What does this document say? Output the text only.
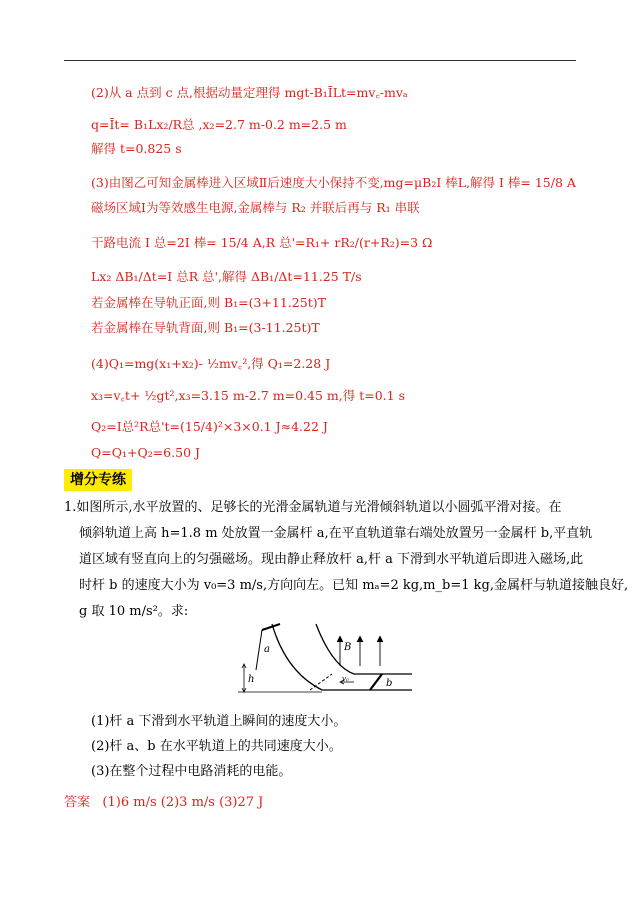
(2)从 a 点到 c 点,根据动量定理得 mgt-B₁ĪLt=mv꜀-mvₐ
q=Īt= B₁Lx₂/R总 ,x₂=2.7 m-0.2 m=2.5 m
解得 t=0.825 s
(3)由图乙可知金属棒进入区域Ⅱ后速度大小保持不变,mg=μB₂I 棒L,解得 I 棒= 15/8 A
磁场区域Ⅰ为等效感生电源,金属棒与 R₂ 并联后再与 R₁ 串联
干路电流 I 总=2I 棒= 15/4 A,R 总'=R₁+ rR₂/(r+R₂)=3 Ω
Lx₂ ΔB₁/Δt=I 总R 总',解得 ΔB₁/Δt=11.25 T/s
若金属棒在导轨正面,则 B₁=(3+11.25t)T
若金属棒在导轨背面,则 B₁=(3-11.25t)T
(4)Q₁=mg(x₁+x₂)- ½mv꜀²,得 Q₁=2.28 J
x₃=v꜀t+ ½gt²,x₃=3.15 m-2.7 m=0.45 m,得 t=0.1 s
Q₂=I总²R总't=(15/4)²×3×0.1 J≈4.22 J
Q=Q₁+Q₂=6.50 J
增分专练
1.如图所示,水平放置的、足够长的光滑金属轨道与光滑倾斜轨道以小圆弧平滑对接。在
倾斜轨道上高 h=1.8 m 处放置一金属杆 a,在平直轨道靠右端处放置另一金属杆 b,平直轨
道区域有竖直向上的匀强磁场。现由静止释放杆 a,杆 a 下滑到水平轨道后即进入磁场,此
时杆 b 的速度大小为 v₀=3 m/s,方向向左。已知 mₐ=2 kg,m_b=1 kg,金属杆与轨道接触良好,
g 取 10 m/s²。求:
a
b
B
v₀
h
(1)杆 a 下滑到水平轨道上瞬间的速度大小。
(2)杆 a、b 在水平轨道上的共同速度大小。
(3)在整个过程中电路消耗的电能。
答案 (1)6 m/s (2)3 m/s (3)27 J
